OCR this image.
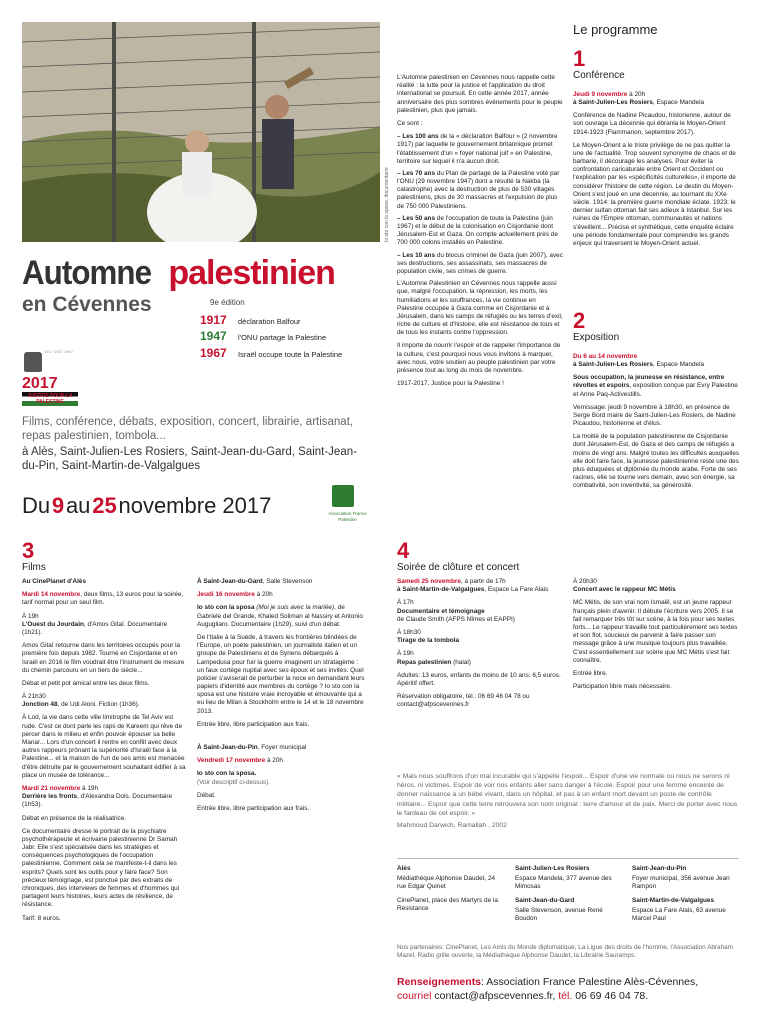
Io sto con la sposa, documentaire
Automne palestinien
en Cévennes	9e édition
1917	déclaration Balfour
1947	l'ONU partage la Palestine
1967	Israël occupe toute la Palestine
1917 1947 1967
2017
JUSTICE POUR LA PALESTINE
Films, conférence, débats, exposition, concert, librairie, artisanat, repas palestinien, tombola...
à Alès, Saint-Julien-Les Rosiers, Saint-Jean-du-Gard, Saint-Jean-du-Pin, Saint-Martin-de-Valgalgues
Du 9 au 25 novembre 2017	Association France Palestine

L'Automne palestinien en Cévennes nous rappelle cette réalité : la lutte pour la justice et l'application du droit international se poursuit. En cette année 2017, année anniversaire des plus sombres événements pour le peuple palestinien, plus que jamais.

Ce sont :

– Les 100 ans de la « déclaration Balfour » (2 novembre 1917) par laquelle le gouvernement britannique promet l'établissement d'un « foyer national juif » en Palestine, territoire sur lequel il n'a aucun droit.

– Les 70 ans du Plan de partage de la Palestine voté par l'ONU (29 novembre 1947) dont a résulté la Nakba (la catastrophe) avec la destruction de plus de 530 villages palestiniens, plus de 30 massacres et l'expulsion de plus de 750 000 Palestiniens.

– Les 50 ans de l'occupation de toute la Palestine (juin 1967) et le début de la colonisation en Cisjordanie dont Jérusalem-Est et Gaza. On compte actuellement près de 700 000 colons installés en Palestine.

– Les 10 ans du blocus criminel de Gaza (juin 2007), avec ses destructions, ses assassinats, ses massacres de population civile, ses crimes de guerre.

L'Automne Palestinien en Cévennes nous rappelle aussi que, malgré l'occupation, la répression, les morts, les humiliations et les souffrances, la vie continue en Palestine occupée à Gaza comme en Cisjordanie et à Jérusalem, dans les camps de réfugiés ou les terres d'exil, riche de culture et d'histoire, elle est résistance de tous et de tous les instants contre l'oppression.

Il importe de nourrir l'espoir et de rappeler l'importance de la culture, c'est pourquoi nous vous invitons à marquer, avec nous, votre soutien au peuple palestinien par votre présence tout au long du mois de novembre.

1917-2017, Justice pour la Palestine !

Le programme
1
Conférence
Jeudi 9 novembre à 20h

à Saint-Julien-Les Rosiers, Espace Mandela

Conférence de Nadine Picaudou, historienne, autour de son ouvrage La décennie qui ébranla le Moyen-Orient 1914-1923 (Flammarion, septembre 2017).

Le Moyen-Orient a le triste privilège de ne pas quitter la une de l'actualité. Trop souvent synonyme de chaos et de barbarie, il décourage les analyses. Pour éviter la confrontation caricaturale entre Orient et Occident ou l'explication par les «spécificités culturelles», il importe de considérer l'histoire de cette région. Le destin du Moyen-Orient s'est joué en une décennie, au tournant du XXe siècle. 1914: la première guerre mondiale éclate. 1923: le dernier sultan ottoman fait ses adieux à Istanbul. Sur les ruines de l'Empire ottoman, communautés et nations s'éveillent... Précise et synthétique, cette enquête éclaire une période fondamentale pour comprendre les grands enjeux qui traversent le Moyen-Orient actuel.

2
Exposition
Du 6 au 14 novembre

à Saint-Julien-Les Rosiers, Espace Mandela

Sous occupation, la jeunesse en résistance, entre révoltes et espoirs, exposition conçue par Evry Palestine et Anne Paq-Activestills.

Vernissage: jeudi 9 novembre à 18h30, en présence de Serge Bord maire de Saint-Julien-Les Rosiers, de Nadine Picaudou, historienne et d'élus.

La moitié de la population palestinienne de Cisjordanie dont Jérusalem-Est, de Gaza et des camps de réfugiés a moins de vingt ans. Malgré toutes les difficultés auxquelles elle doit faire face, la jeunesse palestinienne reste une des plus éduquées et diplômée du monde arabe. Forte de ses racines, elle se tourne vers demain, avec son énergie, sa combativité, son inventivité, sa générosité.

3
Films

Au CinePlanet d'Alès

Mardi 14 novembre, deux films, 13 euros pour la soirée, tarif normal pour un seul film.

À 19h

L'Ouest du Jourdain, d'Amos Gitaï. Documentaire (1h21).

Amos Gitaï retourne dans les territoires occupés pour la première fois depuis 1982. Tourné en Cisjordanie et en Israël en 2016 le film voudrait être l'instrument de mesure du chemin parcouru en un tiers de siècle...

Débat et petit pot amical entre les deux films.

À 21h30

Jonction 48, de Udi Aloni. Fiction (1h36).

À Lod, la vie dans cette ville limitrophe de Tel Aviv est rude. C'est ce dont parle les raps de Kareem qui rêve de percer dans le milieu et enfin pouvoir épouser sa belle Manar... Lors d'un concert il rentre en conflit avec deux autres rappeurs prônant la supériorité d'Israël face à la Palestine... et la maison de l'un de ses amis est menacée d'être détruite par le gouvernement souhaitant édifier à sa place un musée de tolérance...

Mardi 21 novembre à 19h

Derrière les fronts, d'Alexandra Dols. Documentaire (1h53).

Débat en présence de la réalisatrice.

Ce documentaire dresse le portrait de la psychiatre psychothérapeute et écrivaine palestinienne Dr Samah Jabr. Elle s'est spécialisée dans les stratégies et conséquences psychologiques de l'occupation palestinienne. Comment cela se manifeste-t-il dans les esprits? Quels sont les outils pour y faire face? Son précieux témoignage, est ponctué par des extraits de chroniques, des interviews de femmes et d'hommes qui partagent leurs histoires, leurs actes de résilience, de résistance.

Tarif: 8 euros.

À Saint-Jean-du-Gard, Salle Stevenson

Jeudi 16 novembre à 20h

Io sto con la sposa (Moi je suis avec la mariée), de Gabriele del Grande, Khaled Soliman al Nassiry et Antonio Augugliaro. Documentaire (1h29), suivi d'un débat.

De l'Italie à la Suède, à travers les frontières blindées de l'Europe, un poète palestinien, un journaliste italien et un groupe de Palestiniens et de Syriens débarqués à Lampedusa pour fuir la guerre imaginent un stratagème : un faux cortège nuptial avec ses époux et ses invités. Quel policier s'aviserait de perturber la noce en demandant leurs papiers d'identité aux membres du cortège ? Io sto con la sposa est une histoire vraie incroyable et émouvante qui a eu lieu de Milan à Stockholm entre le 14 et le 18 novembre 2013.

Entrée libre, libre participation aux frais.

À Saint-Jean-du-Pin, Foyer municipal

Vendredi 17 novembre à 20h

Io sto con la sposa.
(Voir descriptif ci-dessus).

Débat.

Entrée libre, libre participation aux frais.

4
Soirée de clôture et concert
Samedi 25 novembre, à partir de 17h

à Saint-Martin-de-Valgalgues, Espace La Fare Alais

À 17h

Documentaire et témoignage
de Claude Smith (AFPS Nîmes et EAPPI)

À 18h30

Tirage de la tombola

À 19h

Repas palestinien (halal)

Adultes: 13 euros, enfants de moins de 10 ans: 6,5 euros. Apéritif offert.

Réservation obligatoire, tél.: 06 69 46 04 78 ou contact@afpscevennes.fr

À 20h30

Concert avec le rappeur MC Métis

MC Métis, de son vrai nom Ismaël, est un jeune rappeur français plein d'avenir. Il débute l'écriture vers 2005. Il se fait remarquer très tôt sur scène, à la fois pour ses textes forts... Le rappeur travaille tout particulièrement ses textes et son flot, soucieux de parvenir à faire passer son message grâce à une musique toujours plus travaillée. C'est essentiellement sur scène que MC Métis s'est fait connaître.

Entrée libre.

Participation libre mais nécessaire.

« Mais nous souffrons d'un mal incurable qui s'appelle l'espoir... Espoir d'une vie normale où nous ne serons ni héros, ni victimes. Espoir de voir nos enfants aller sans danger à l'école. Espoir pour une femme enceinte de donner naissance à un bébé vivant, dans un hôpital, et pas à un enfant mort devant un poste de contrôle militaire... Espoir que cette terre retrouvera son nom original : terre d'amour et de paix. Merci de porter avec nous le fardeau de cet espoir. »

Mahmoud Darwich, Ramallah , 2002

Alès

Médiathèque Alphonse Daudet, 24 rue Edgar Quinet

CinePlanet, place des Martyrs de la Résistance

Saint-Julien-Les Rosiers

Espace Mandela, 377 avenue des Mimosas

Saint-Jean-du-Gard

Salle Stevenson, avenue René Boudon

Saint-Jean-du-Pin

Foyer municipal, 356 avenue Jean Rampon

Saint-Martin-de-Valgalgues

Espace La Fare Alais, 63 avenue Marcel Paul

Nos partenaires: CinePlanet, Les Amis du Monde diplomatique, La Ligue des droits de l'homme, l'Association Abraham Mazel, Radio grille ouverte, la Médiathèque Alphonse Daudet, la Librairie Sauramps.
Renseignements: Association France Palestine Alès-Cévennes,
courriel contact@afpscevennes.fr, tél. 06 69 46 04 78.
